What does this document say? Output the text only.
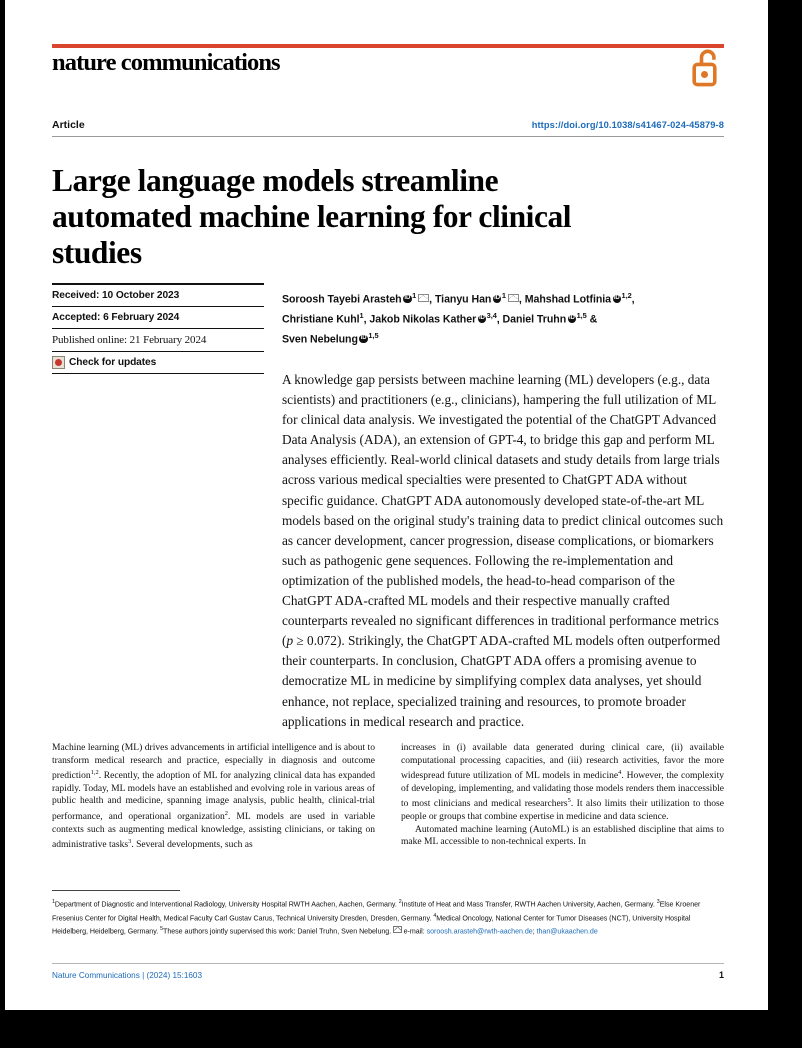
nature communications
Article	https://doi.org/10.1038/s41467-024-45879-8
Large language models streamline automated machine learning for clinical studies
Received: 10 October 2023
Accepted: 6 February 2024
Published online: 21 February 2024
Check for updates
Soroosh Tayebi Arasteh iD $^1$ , Tianyu Han iD $^1$ , Mahshad Lotfinia iD $^{1,2}$,
Christiane Kuhl$^1$, Jakob Nikolas Kather iD $^{3,4}$, Daniel Truhn iD $^{1,5}$ &
Sven Nebelung iD $^{1,5}$
A knowledge gap persists between machine learning (ML) developers (e.g., data scientists) and practitioners (e.g., clinicians), hampering the full utilization of ML for clinical data analysis. We investigated the potential of the ChatGPT Advanced Data Analysis (ADA), an extension of GPT-4, to bridge this gap and perform ML analyses efficiently. Real-world clinical datasets and study details from large trials across various medical specialties were presented to ChatGPT ADA without specific guidance. ChatGPT ADA autonomously developed state-of-the-art ML models based on the original study's training data to predict clinical outcomes such as cancer development, cancer progression, disease complications, or biomarkers such as pathogenic gene sequences. Following the re-implementation and optimization of the published models, the head-to-head comparison of the ChatGPT ADA-crafted ML models and their respective manually crafted counterparts revealed no significant differences in traditional performance metrics (p ≥ 0.072). Strikingly, the ChatGPT ADA-crafted ML models often outperformed their counterparts. In conclusion, ChatGPT ADA offers a promising avenue to democratize ML in medicine by simplifying complex data analyses, yet should enhance, not replace, specialized training and resources, to promote broader applications in medical research and practice.

Machine learning (ML) drives advancements in artificial intelligence and is about to transform medical research and practice, especially in diagnosis and outcome prediction$^{1,2}$. Recently, the adoption of ML for analyzing clinical data has expanded rapidly. Today, ML models have an established and evolving role in various areas of public health and medicine, spanning image analysis, public health, clinical-trial performance, and operational organization$^2$. ML models are used in variable contexts such as augmenting medical knowledge, assisting clinicians, or taking on administrative tasks$^3$. Several developments, such as

increases in (i) available data generated during clinical care, (ii) available computational processing capacities, and (iii) research activities, favor the more widespread future utilization of ML models in medicine$^4$. However, the complexity of developing, implementing, and validating those models renders them inaccessible to most clinicians and medical researchers$^5$. It also limits their utilization to those people or groups that combine expertise in medicine and data science.

Automated machine learning (AutoML) is an established discipline that aims to make ML accessible to non-technical experts. In

$^1$Department of Diagnostic and Interventional Radiology, University Hospital RWTH Aachen, Aachen, Germany. $^2$Institute of Heat and Mass Transfer, RWTH Aachen University, Aachen, Germany. $^3$Else Kroener Fresenius Center for Digital Health, Medical Faculty Carl Gustav Carus, Technical University Dresden, Dresden, Germany. $^4$Medical Oncology, National Center for Tumor Diseases (NCT), University Hospital Heidelberg, Heidelberg, Germany. $^5$These authors jointly supervised this work: Daniel Truhn, Sven Nebelung. e-mail: soroosh.arasteh@rwth-aachen.de; than@ukaachen.de
Nature Communications | (2024) 15:1603	1
